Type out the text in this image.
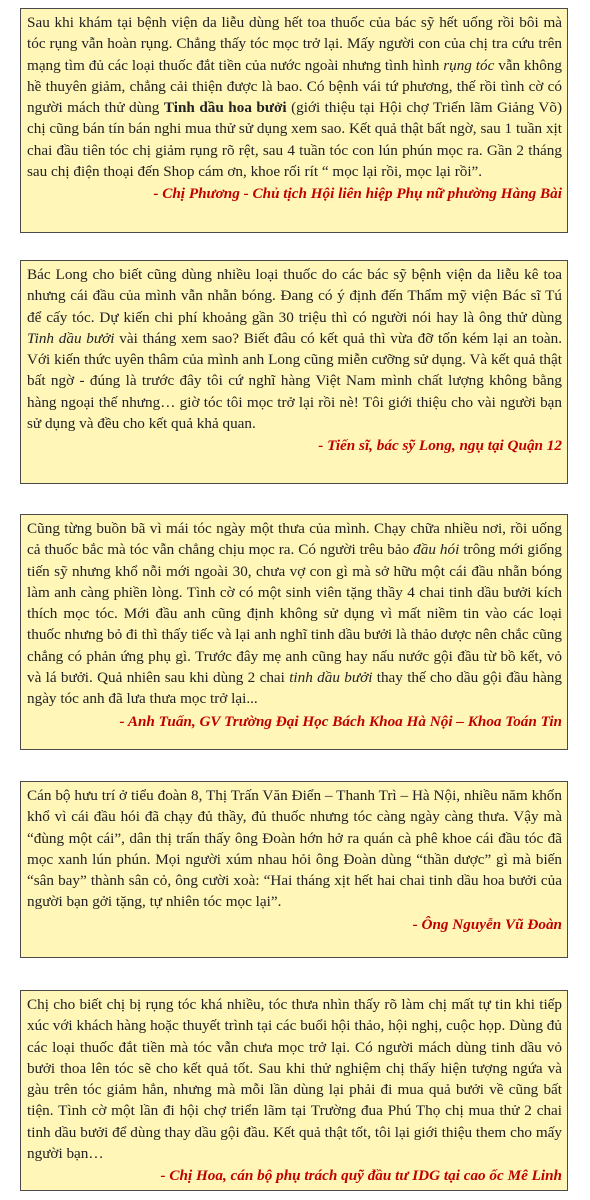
Sau khi khám tại bệnh viện da liễu dùng hết toa thuốc của bác sỹ hết uống rồi bôi mà tóc rụng vẫn hoàn rụng. Chẳng thấy tóc mọc trở lại. Mấy người con của chị tra cứu trên mạng tìm đủ các loại thuốc đắt tiền của nước ngoài nhưng tình hình rụng tóc vẫn không hề thuyên giảm, chẳng cải thiện được là bao. Có bệnh vái tứ phương, thế rồi tình cờ có người mách thử dùng Tinh dầu hoa bưởi (giới thiệu tại Hội chợ Triển lãm Giảng Võ) chị cũng bán tín bán nghi mua thử sử dụng xem sao. Kết quả thật bất ngờ, sau 1 tuần xịt chai đầu tiên tóc chị giảm rụng rõ rệt, sau 4 tuần tóc con lún phún mọc ra. Gần 2 tháng sau chị điện thoại đến Shop cám ơn, khoe rối rít “ mọc lại rồi, mọc lại rồi”.

- Chị Phương - Chủ tịch Hội liên hiệp Phụ nữ phường Hàng Bài

Bác Long cho biết cũng dùng nhiều loại thuốc do các bác sỹ bệnh viện da liễu kê toa nhưng cái đầu của mình vẫn nhẵn bóng. Đang có ý định đến Thẩm mỹ viện Bác sĩ Tú để cấy tóc. Dự kiến chi phí khoảng gần 30 triệu thì có người nói hay là ông thử dùng Tinh dầu bưởi vài tháng xem sao? Biết đâu có kết quả thì vừa đỡ tốn kém lại an toàn. Với kiến thức uyên thâm của mình anh Long cũng miễn cưỡng sử dụng. Và kết quả thật bất ngờ - đúng là trước đây tôi cứ nghĩ hàng Việt Nam mình chất lượng không bằng hàng ngoại thế nhưng… giờ tóc tôi mọc trở lại rồi nè! Tôi giới thiệu cho vài người bạn sử dụng và đều cho kết quả khả quan.

- Tiến sĩ, bác sỹ Long, ngụ tại Quận 12

Cũng từng buồn bã vì mái tóc ngày một thưa của mình. Chạy chữa nhiều nơi, rồi uống cả thuốc bắc mà tóc vẫn chẳng chịu mọc ra. Có người trêu bảo đầu hói trông mới giống tiến sỹ nhưng khổ nỗi mới ngoài 30, chưa vợ con gì mà sở hữu một cái đầu nhẵn bóng làm anh càng phiền lòng. Tình cờ có một sinh viên tặng thầy 4 chai tinh dầu bưởi kích thích mọc tóc. Mới đầu anh cũng định không sử dụng vì mất niềm tin vào các loại thuốc nhưng bỏ đi thì thấy tiếc và lại anh nghĩ tinh dầu bưởi là thảo dược nên chắc cũng chẳng có phản ứng phụ gì. Trước đây mẹ anh cũng hay nấu nước gội đầu từ bồ kết, vỏ và lá bưởi. Quả nhiên sau khi dùng 2 chai tinh dầu bưởi thay thế cho dầu gội đầu hàng ngày tóc anh đã lưa thưa mọc trở lại...

- Anh Tuấn, GV Trường Đại Học Bách Khoa Hà Nội – Khoa Toán Tin

Cán bộ hưu trí ở tiểu đoàn 8, Thị Trấn Văn Điển – Thanh Trì – Hà Nội, nhiều năm khốn khổ vì cái đầu hói đã chạy đủ thầy, đủ thuốc nhưng tóc càng ngày càng thưa. Vậy mà “đùng một cái”, dân thị trấn thấy ông Đoàn hớn hở ra quán cà phê khoe cái đầu tóc đã mọc xanh lún phún. Mọi người xúm nhau hỏi ông Đoàn dùng “thần dược” gì mà biến “sân bay” thành sân cỏ, ông cười xoà: “Hai tháng xịt hết hai chai tinh dầu hoa bưởi của người bạn gởi tặng, tự nhiên tóc mọc lại”.

- Ông Nguyễn Vũ Đoàn

Chị cho biết chị bị rụng tóc khá nhiều, tóc thưa nhìn thấy rõ làm chị mất tự tin khi tiếp xúc với khách hàng hoặc thuyết trình tại các buổi hội thảo, hội nghị, cuộc họp. Dùng đủ các loại thuốc đắt tiền mà tóc vẫn chưa mọc trở lại. Có người mách dùng tinh dầu vỏ bưởi thoa lên tóc sẽ cho kết quả tốt. Sau khi thử nghiệm chị thấy hiện tượng ngứa và gàu trên tóc giảm hẳn, nhưng mà mỗi lần dùng lại phải đi mua quả bưởi về cũng bất tiện. Tình cờ một lần đi hội chợ triển lãm tại Trường đua Phú Thọ chị mua thử 2 chai tinh dầu bưởi để dùng thay dầu gội đầu. Kết quả thật tốt, tôi lại giới thiệu them cho mấy người bạn…

- Chị Hoa, cán bộ phụ trách quỹ đầu tư IDG tại cao ốc Mê Linh
